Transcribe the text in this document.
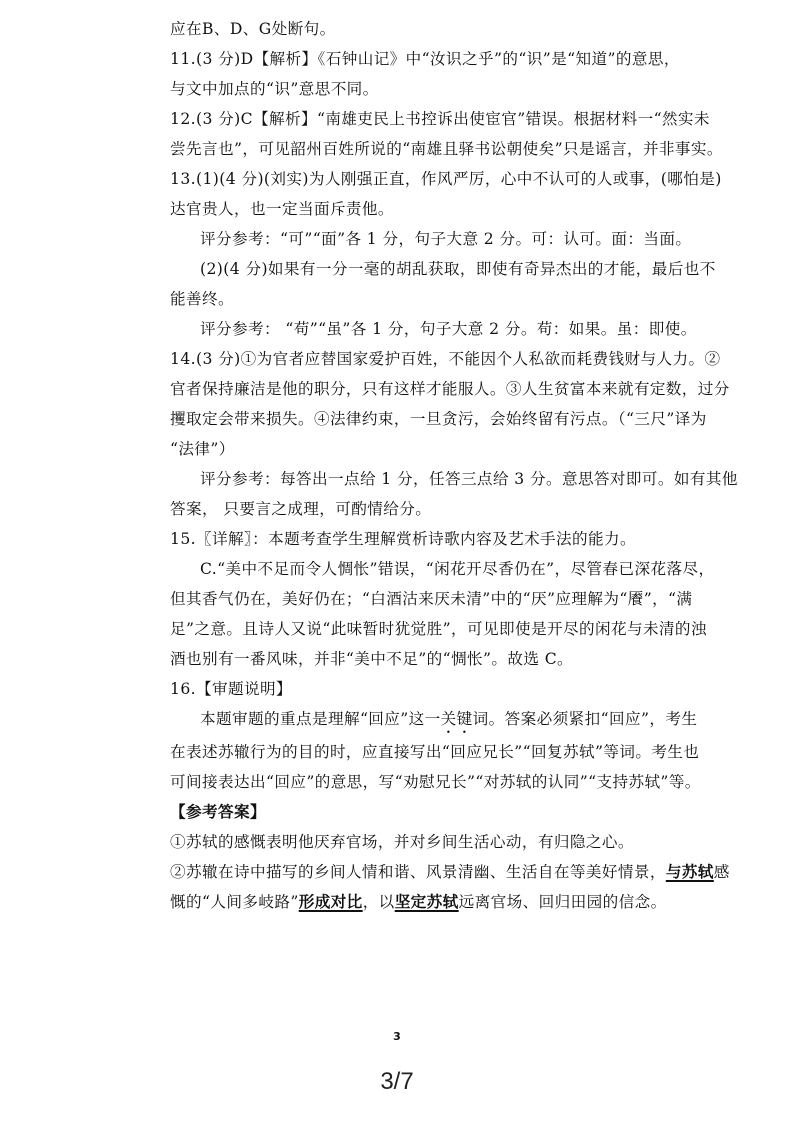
应在B、D、G处断句。

11.(3 分)D【解析】《石钟山记》中“汝识之乎”的“识”是“知道”的意思，

与文中加点的“识”意思不同。

12.(3 分)C【解析】“南雄吏民上书控诉出使宦官”错误。根据材料一“然实未

尝先言也”，可见韶州百姓所说的“南雄且驿书讼朝使矣”只是谣言，并非事实。

13.(1)(4 分)(刘实)为人刚强正直，作风严厉，心中不认可的人或事，(哪怕是)

达官贵人，也一定当面斥责他。

评分参考：“可”“面”各 1 分，句子大意 2 分。可：认可。面：当面。

(2)(4 分)如果有一分一毫的胡乱获取，即使有奇异杰出的才能，最后也不

能善终。

评分参考： “苟”“虽”各 1 分，句子大意 2 分。苟：如果。虽：即使。

14.(3 分)①为官者应替国家爱护百姓，不能因个人私欲而耗费钱财与人力。②

官者保持廉洁是他的职分，只有这样才能服人。③人生贫富本来就有定数，过分

攫取定会带来损失。④法律约束，一旦贪污，会始终留有污点。（“三尺”译为

“法律”）

评分参考：每答出一点给 1 分，任答三点给 3 分。意思答对即可。如有其他

答案， 只要言之成理，可酌情给分。

15.〖详解〗：本题考查学生理解赏析诗歌内容及艺术手法的能力。

C.“美中不足而令人惆怅”错误，“闲花开尽香仍在”，尽管春已深花落尽，

但其香气仍在，美好仍在；“白酒沽来厌未清”中的“厌”应理解为“餍”，“满

足”之意。且诗人又说“此味暂时犹觉胜”，可见即使是开尽的闲花与未清的浊

酒也别有一番风味，并非“美中不足”的“惆怅”。故选 C。

16.【审题说明】

本题审题的重点是理解“回应”这一关键词。答案必须紧扣“回应”，考生

在表述苏辙行为的目的时，应直接写出“回应兄长”“回复苏轼”等词。考生也

可间接表达出“回应”的意思，写“劝慰兄长”“对苏轼的认同”“支持苏轼”等。

【参考答案】

①苏轼的感慨表明他厌弃官场，并对乡间生活心动，有归隐之心。

②苏辙在诗中描写的乡间人情和谐、风景清幽、生活自在等美好情景，与苏轼感

慨的“人间多岐路”形成对比，以坚定苏轼远离官场、回归田园的信念。

3
3/7
